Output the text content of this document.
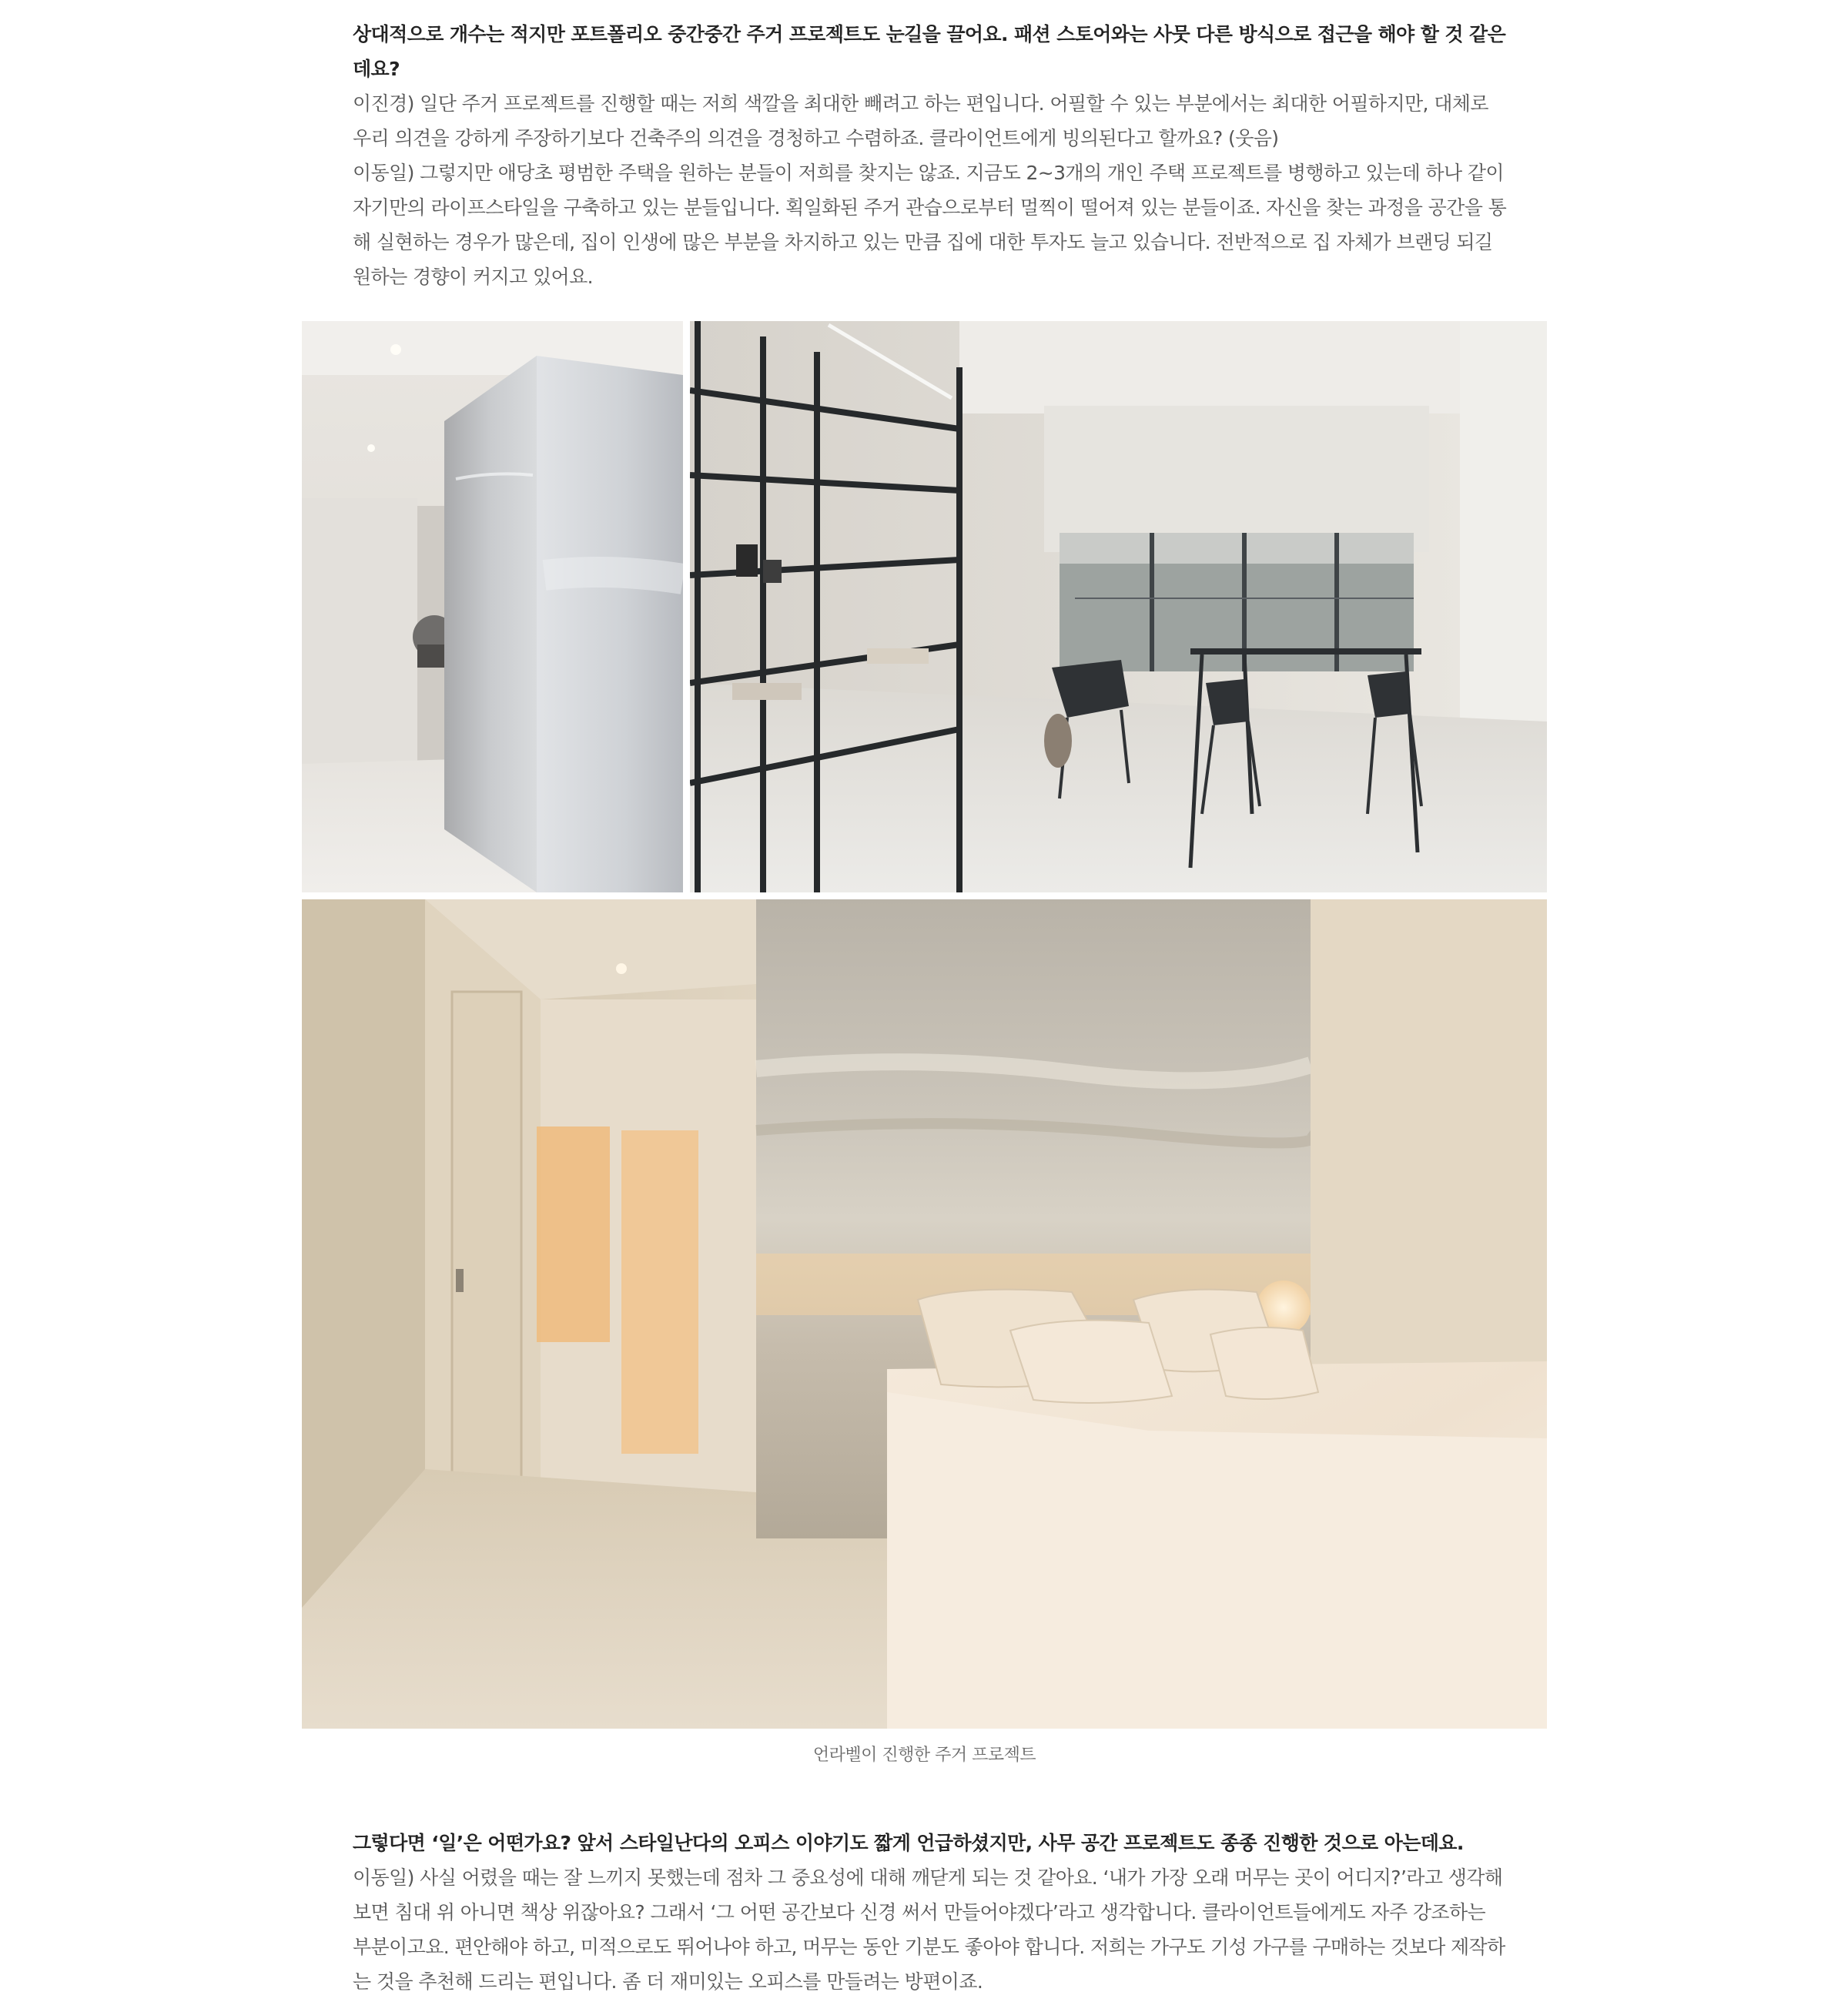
상대적으로 개수는 적지만 포트폴리오 중간중간 주거 프로젝트도 눈길을 끌어요. 패션 스토어와는 사뭇 다른 방식으로 접근을 해야 할 것 같은데요?

이진경) 일단 주거 프로젝트를 진행할 때는 저희 색깔을 최대한 빼려고 하는 편입니다. 어필할 수 있는 부분에서는 최대한 어필하지만, 대체로 우리 의견을 강하게 주장하기보다 건축주의 의견을 경청하고 수렴하죠. 클라이언트에게 빙의된다고 할까요? (웃음)

이동일) 그렇지만 애당초 평범한 주택을 원하는 분들이 저희를 찾지는 않죠. 지금도 2~3개의 개인 주택 프로젝트를 병행하고 있는데 하나 같이 자기만의 라이프스타일을 구축하고 있는 분들입니다. 획일화된 주거 관습으로부터 멀찍이 떨어져 있는 분들이죠. 자신을 찾는 과정을 공간을 통해 실현하는 경우가 많은데, 집이 인생에 많은 부분을 차지하고 있는 만큼 집에 대한 투자도 늘고 있습니다. 전반적으로 집 자체가 브랜딩 되길 원하는 경향이 커지고 있어요.

언라벨이 진행한 주거 프로젝트

그렇다면 ‘일’은 어떤가요? 앞서 스타일난다의 오피스 이야기도 짧게 언급하셨지만, 사무 공간 프로젝트도 종종 진행한 것으로 아는데요.

이동일) 사실 어렸을 때는 잘 느끼지 못했는데 점차 그 중요성에 대해 깨닫게 되는 것 같아요. ‘내가 가장 오래 머무는 곳이 어디지?’라고 생각해보면 침대 위 아니면 책상 위잖아요? 그래서 ‘그 어떤 공간보다 신경 써서 만들어야겠다’라고 생각합니다. 클라이언트들에게도 자주 강조하는 부분이고요. 편안해야 하고, 미적으로도 뛰어나야 하고, 머무는 동안 기분도 좋아야 합니다. 저희는 가구도 기성 가구를 구매하는 것보다 제작하는 것을 추천해 드리는 편입니다. 좀 더 재미있는 오피스를 만들려는 방편이죠.
